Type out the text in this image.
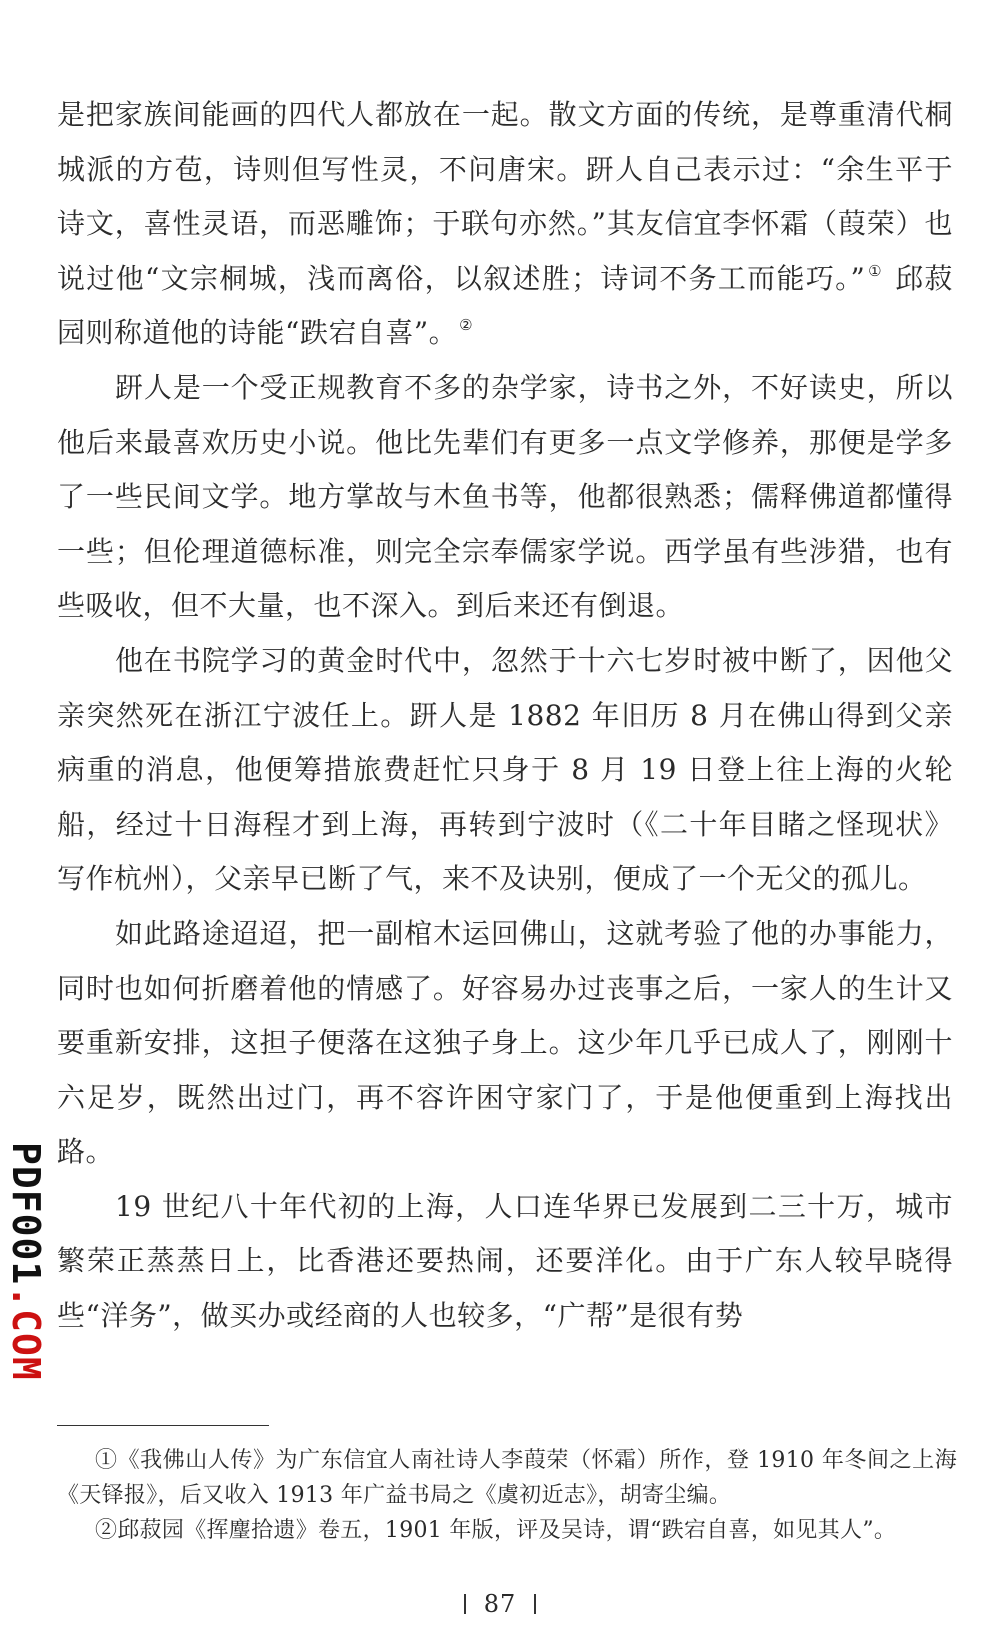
是把家族间能画的四代人都放在一起。散文方面的传统，是尊重清代桐城派的方苞，诗则但写性灵，不问唐宋。趼人自己表示过：“余生平于诗文，喜性灵语，而恶雕饰；于联句亦然。”其友信宜李怀霜（葭荣）也说过他“文宗桐城，浅而离俗，以叙述胜；诗词不务工而能巧。” ① 邱菽园则称道他的诗能“跌宕自喜”。 ②

趼人是一个受正规教育不多的杂学家，诗书之外，不好读史，所以他后来最喜欢历史小说。他比先辈们有更多一点文学修养，那便是学多了一些民间文学。地方掌故与木鱼书等，他都很熟悉；儒释佛道都懂得一些；但伦理道德标准，则完全宗奉儒家学说。西学虽有些涉猎，也有些吸收，但不大量，也不深入。到后来还有倒退。

他在书院学习的黄金时代中，忽然于十六七岁时被中断了，因他父亲突然死在浙江宁波任上。趼人是 1882 年旧历 8 月在佛山得到父亲病重的消息，他便筹措旅费赶忙只身于 8 月 19 日登上往上海的火轮船，经过十日海程才到上海，再转到宁波时（《二十年目睹之怪现状》写作杭州），父亲早已断了气，来不及诀别，便成了一个无父的孤儿。

如此路途迢迢，把一副棺木运回佛山，这就考验了他的办事能力，同时也如何折磨着他的情感了。好容易办过丧事之后，一家人的生计又要重新安排，这担子便落在这独子身上。这少年几乎已成人了，刚刚十六足岁，既然出过门，再不容许困守家门了，于是他便重到上海找出路。

19 世纪八十年代初的上海，人口连华界已发展到二三十万，城市繁荣正蒸蒸日上，比香港还要热闹，还要洋化。由于广东人较早晓得些“洋务”，做买办或经商的人也较多，“广帮”是很有势

①《我佛山人传》为广东信宜人南社诗人李葭荣（怀霜）所作，登 1910 年冬间之上海《天铎报》，后又收入 1913 年广益书局之《虞初近志》，胡寄尘编。

②邱菽园《挥麈拾遗》卷五，1901 年版，评及吴诗，谓“跌宕自喜，如见其人”。

87
PDF001.COM
